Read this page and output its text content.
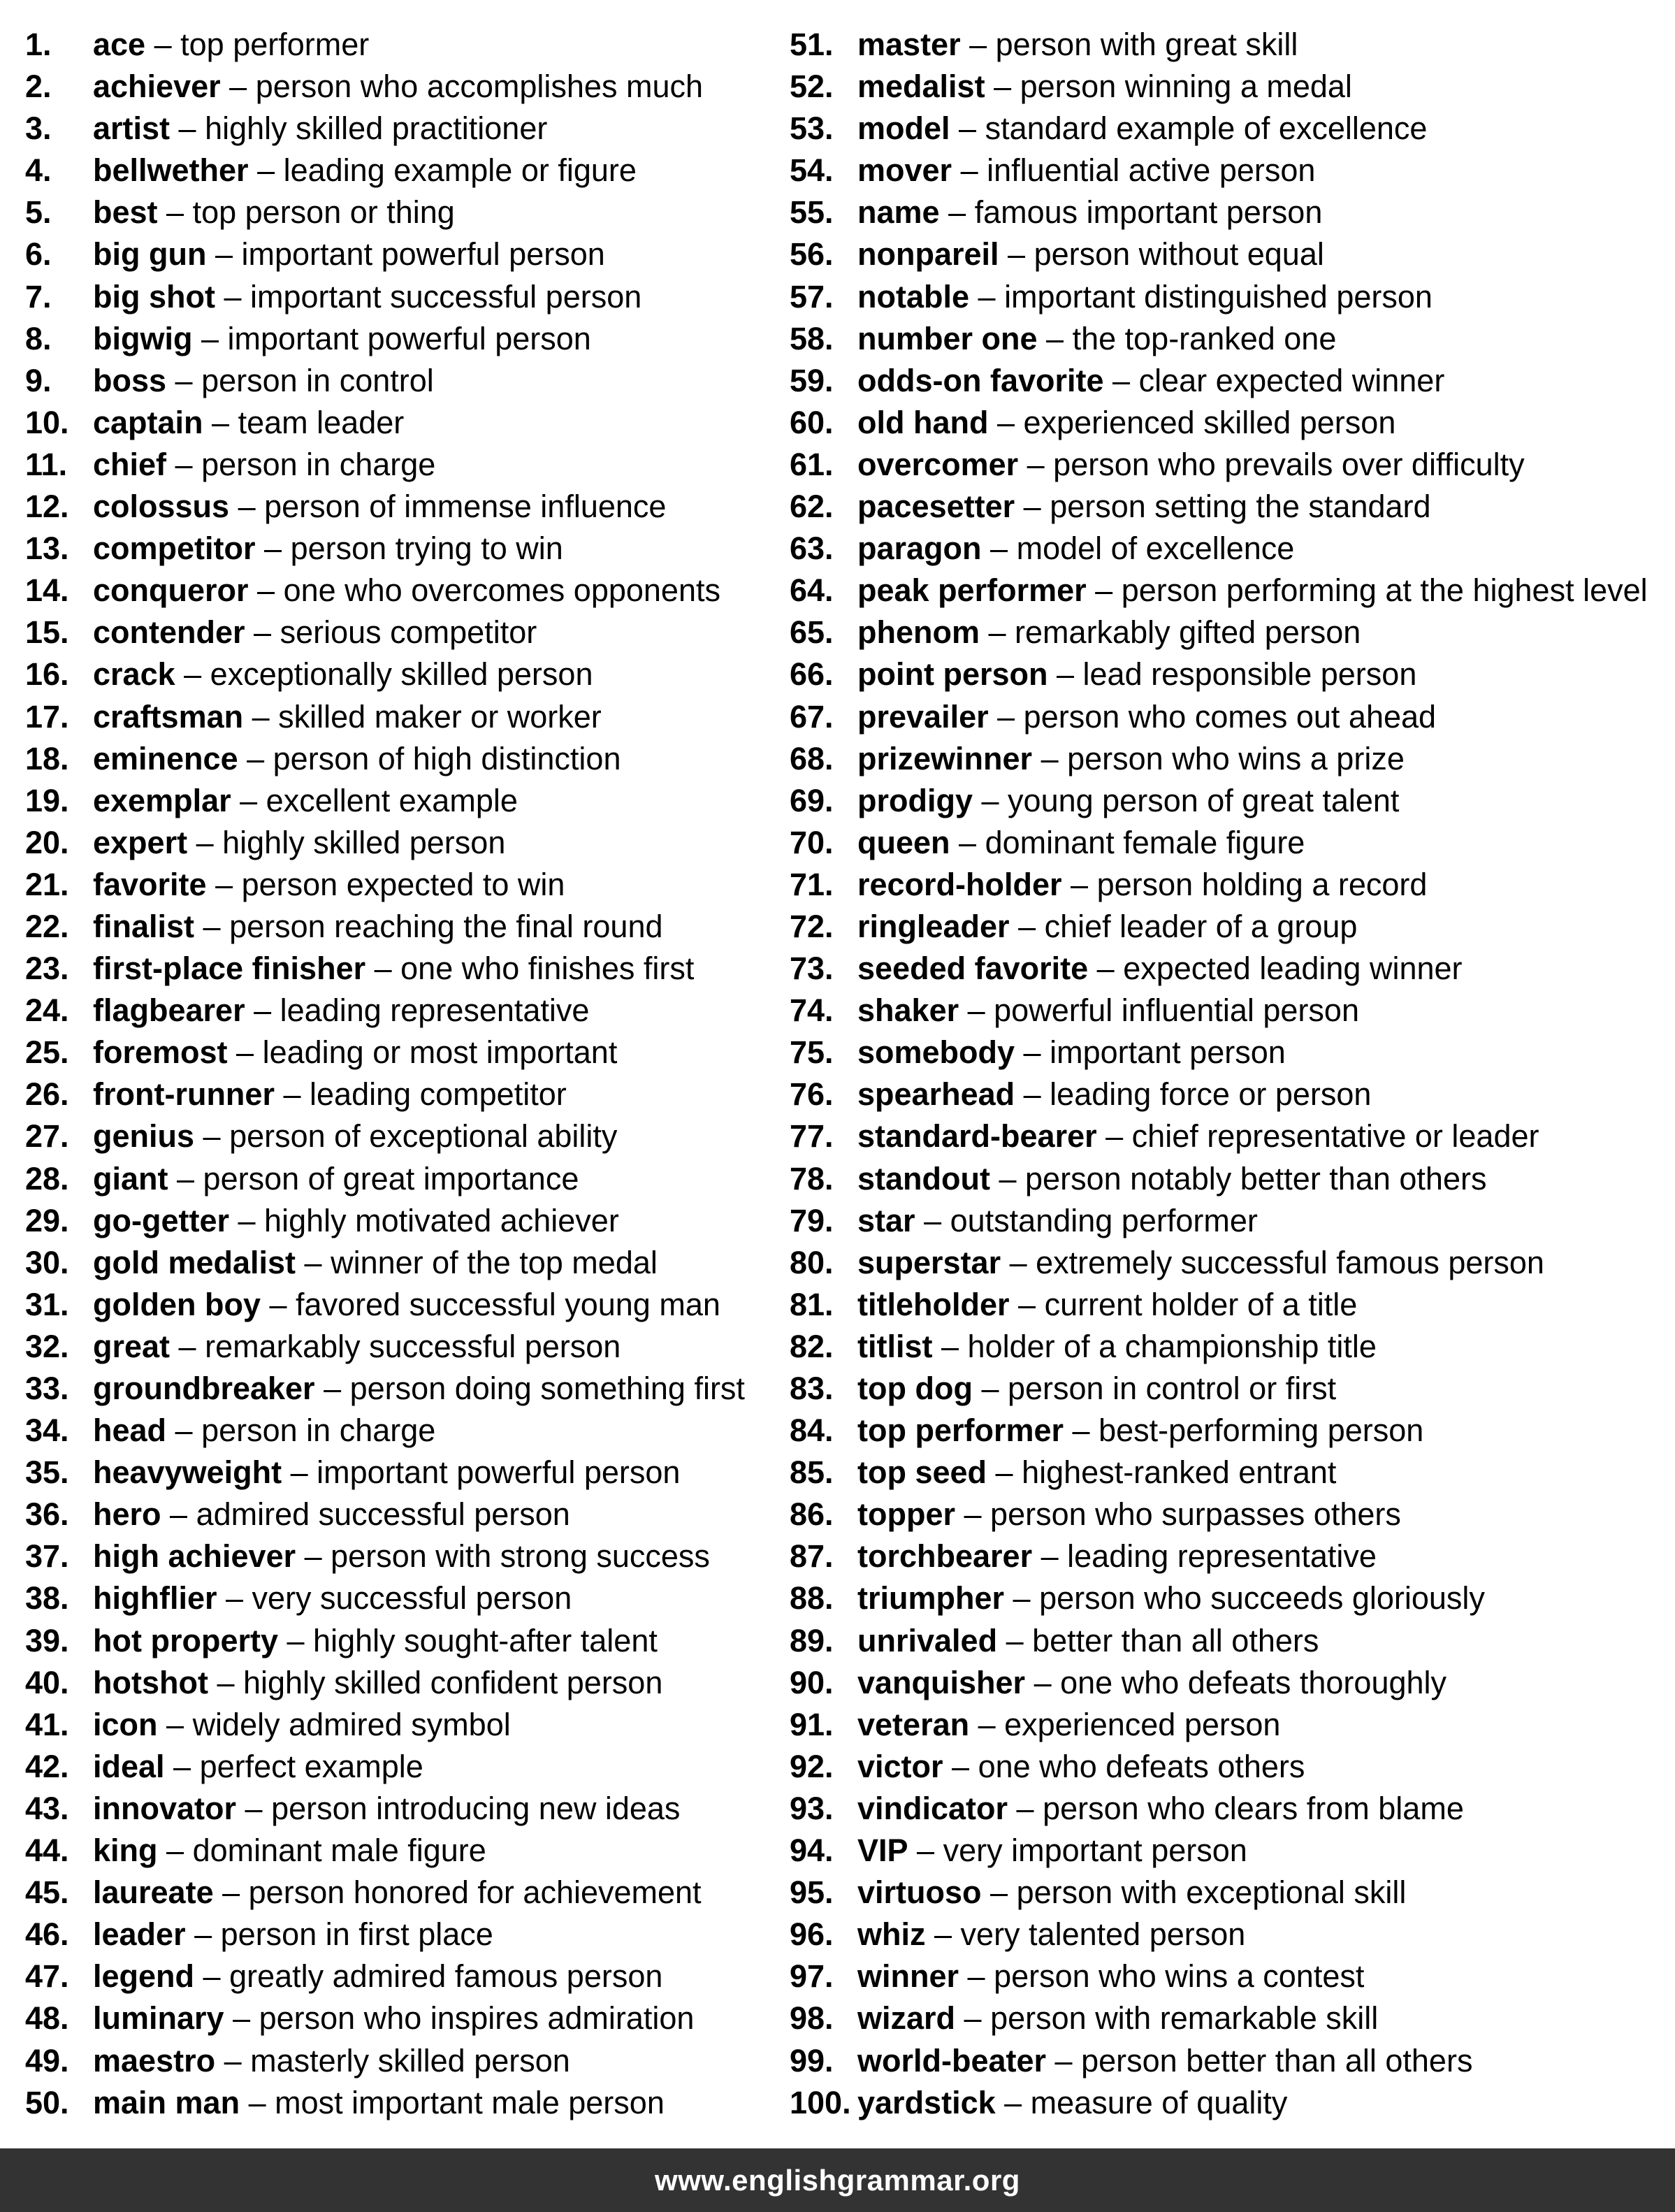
1.	ace – top performer
2.	achiever – person who accomplishes much
3.	artist – highly skilled practitioner
4.	bellwether – leading example or figure
5.	best – top person or thing
6.	big gun – important powerful person
7.	big shot – important successful person
8.	bigwig – important powerful person
9.	boss – person in control
10. captain – team leader
11. chief – person in charge
12. colossus – person of immense influence
13. competitor – person trying to win
14. conqueror – one who overcomes opponents
15. contender – serious competitor
16. crack – exceptionally skilled person
17. craftsman – skilled maker or worker
18. eminence – person of high distinction
19. exemplar – excellent example
20. expert – highly skilled person
21. favorite – person expected to win
22. finalist – person reaching the final round
23. first-place finisher – one who finishes first
24. flagbearer – leading representative
25. foremost – leading or most important
26. front-runner – leading competitor
27. genius – person of exceptional ability
28. giant – person of great importance
29. go-getter – highly motivated achiever
30. gold medalist – winner of the top medal
31. golden boy – favored successful young man
32. great – remarkably successful person
33. groundbreaker – person doing something first
34. head – person in charge
35. heavyweight – important powerful person
36. hero – admired successful person
37. high achiever – person with strong success
38. highflier – very successful person
39. hot property – highly sought-after talent
40. hotshot – highly skilled confident person
41. icon – widely admired symbol
42. ideal – perfect example
43. innovator – person introducing new ideas
44. king – dominant male figure
45. laureate – person honored for achievement
46. leader – person in first place
47. legend – greatly admired famous person
48. luminary – person who inspires admiration
49. maestro – masterly skilled person
50. main man – most important male person
51. master – person with great skill
52. medalist – person winning a medal
53. model – standard example of excellence
54. mover – influential active person
55. name – famous important person
56. nonpareil – person without equal
57. notable – important distinguished person
58. number one – the top-ranked one
59. odds-on favorite – clear expected winner
60. old hand – experienced skilled person
61. overcomer – person who prevails over difficulty
62. pacesetter – person setting the standard
63. paragon – model of excellence
64. peak performer – person performing at the highest level
65. phenom – remarkably gifted person
66. point person – lead responsible person
67. prevailer – person who comes out ahead
68. prizewinner – person who wins a prize
69. prodigy – young person of great talent
70. queen – dominant female figure
71. record-holder – person holding a record
72. ringleader – chief leader of a group
73. seeded favorite – expected leading winner
74. shaker – powerful influential person
75. somebody – important person
76. spearhead – leading force or person
77. standard-bearer – chief representative or leader
78. standout – person notably better than others
79. star – outstanding performer
80. superstar – extremely successful famous person
81. titleholder – current holder of a title
82. titlist – holder of a championship title
83. top dog – person in control or first
84. top performer – best-performing person
85. top seed – highest-ranked entrant
86. topper – person who surpasses others
87. torchbearer – leading representative
88. triumpher – person who succeeds gloriously
89. unrivaled – better than all others
90. vanquisher – one who defeats thoroughly
91. veteran – experienced person
92. victor – one who defeats others
93. vindicator – person who clears from blame
94. VIP – very important person
95. virtuoso – person with exceptional skill
96. whiz – very talented person
97. winner – person who wins a contest
98. wizard – person with remarkable skill
99. world-beater – person better than all others
100. yardstick – measure of quality
www.englishgrammar.org
